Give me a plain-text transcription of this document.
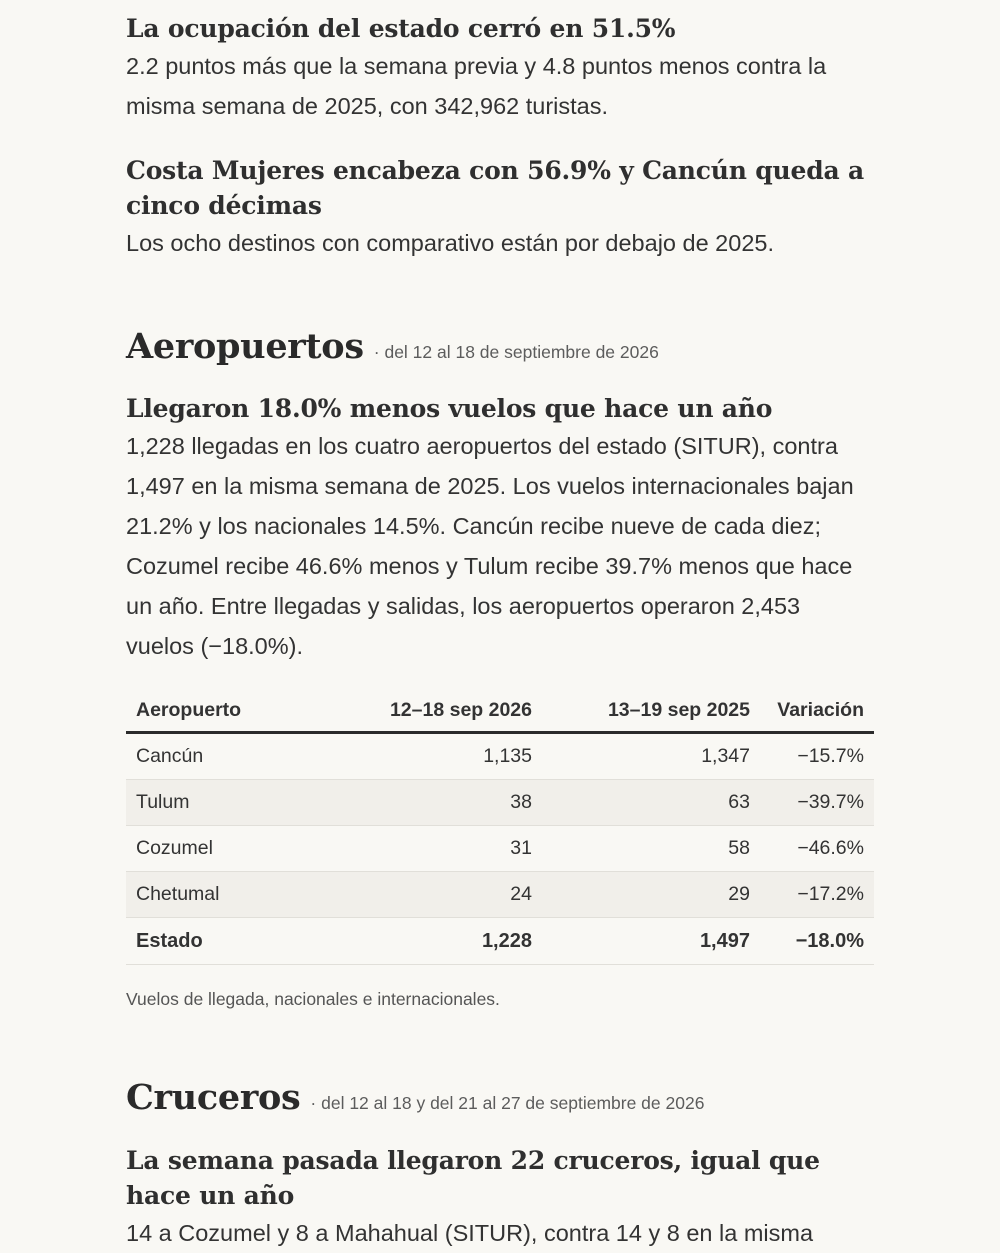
La ocupación del estado cerró en 51.5%

2.2 puntos más que la semana previa y 4.8 puntos menos contra la misma semana de 2025, con 342,962 turistas.

Costa Mujeres encabeza con 56.9% y Cancún queda a cinco décimas

Los ocho destinos con comparativo están por debajo de 2025.

Aeropuertos · del 12 al 18 de septiembre de 2026
Llegaron 18.0% menos vuelos que hace un año

1,228 llegadas en los cuatro aeropuertos del estado (SITUR), contra 1,497 en la misma semana de 2025. Los vuelos internacionales bajan 21.2% y los nacionales 14.5%. Cancún recibe nueve de cada diez; Cozumel recibe 46.6% menos y Tulum recibe 39.7% menos que hace un año. Entre llegadas y salidas, los aeropuertos operaron 2,453 vuelos (−18.0%).

Aeropuerto	12–18 sep 2026	13–19 sep 2025	Variación
Cancún	1,135	1,347	−15.7%
Tulum	38	63	−39.7%
Cozumel	31	58	−46.6%
Chetumal	24	29	−17.2%
Estado	1,228	1,497	−18.0%

Vuelos de llegada, nacionales e internacionales.

Cruceros · del 12 al 18 y del 21 al 27 de septiembre de 2026
La semana pasada llegaron 22 cruceros, igual que hace un año

14 a Cozumel y 8 a Mahahual (SITUR), contra 14 y 8 en la misma
